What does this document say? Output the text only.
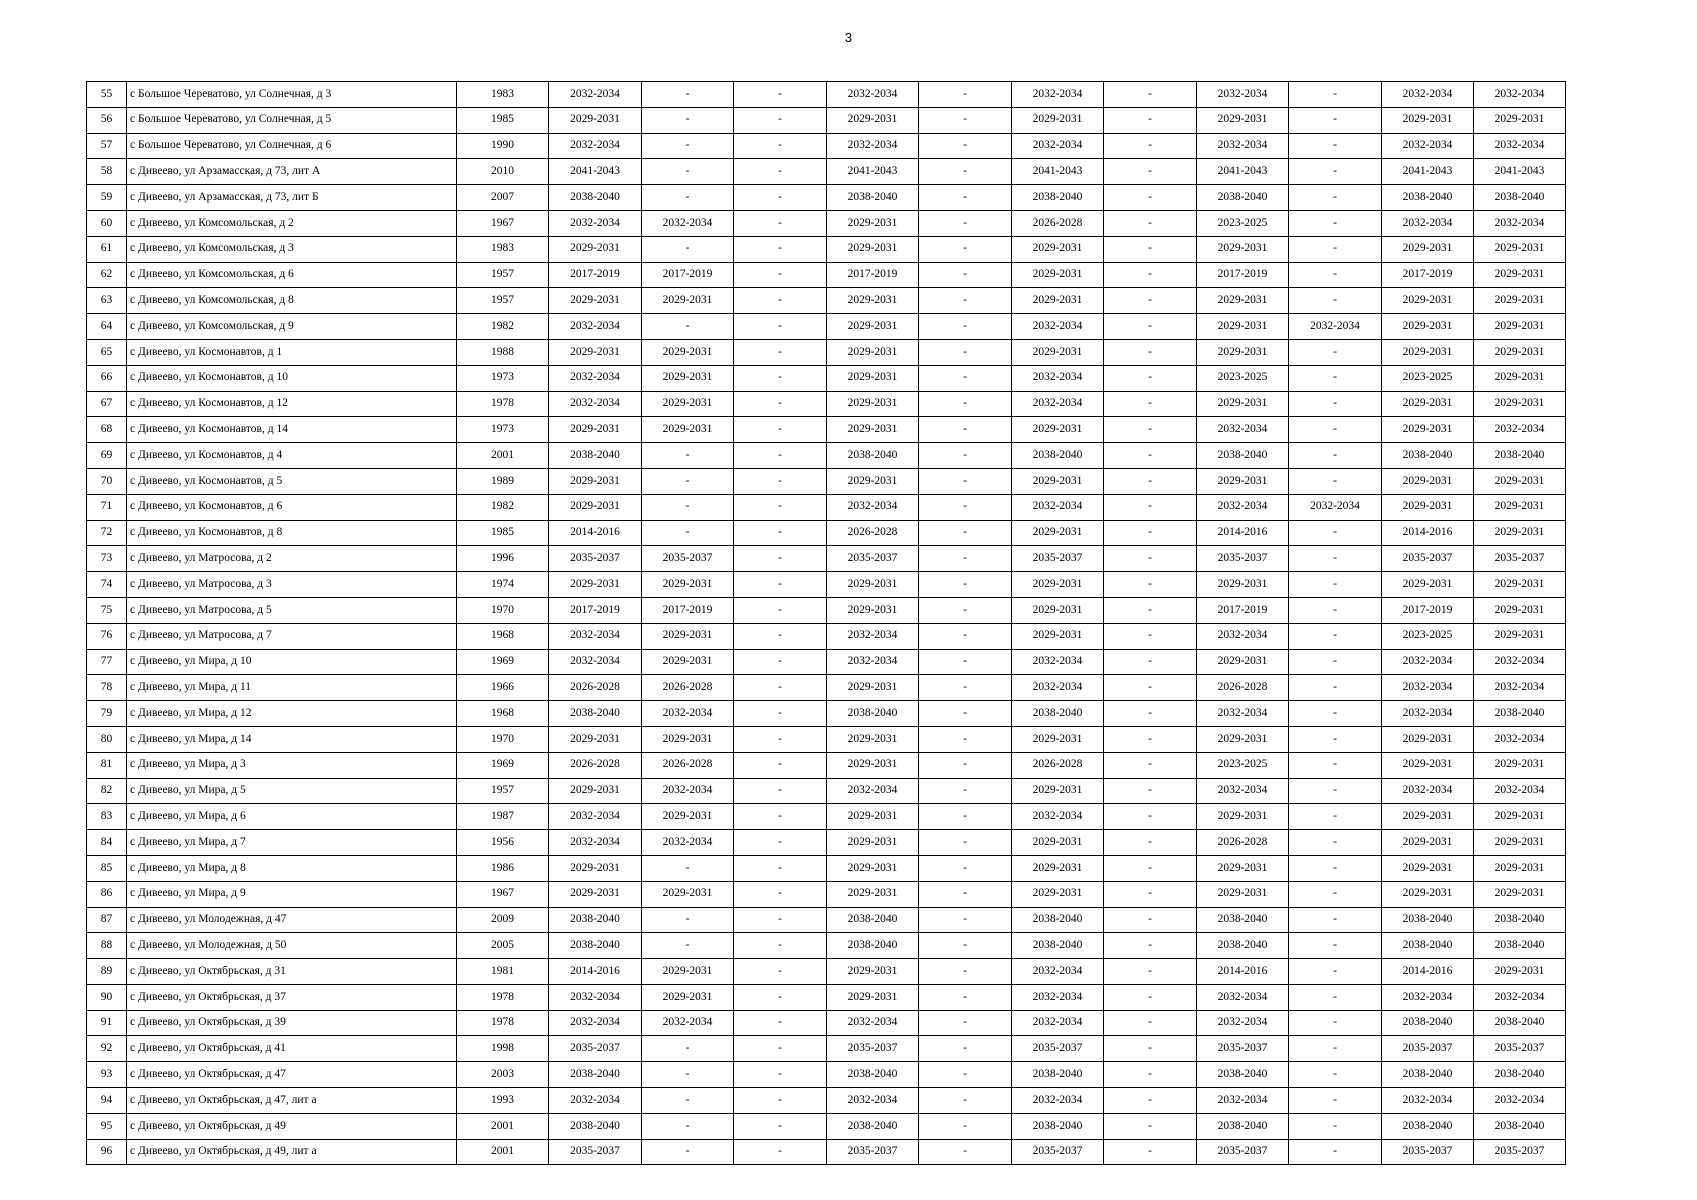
3
55	с Большое Череватово, ул Солнечная, д 3	1983	2032-2034	-	-	2032-2034	-	2032-2034	-	2032-2034	-	2032-2034	2032-2034
56	с Большое Череватово, ул Солнечная, д 5	1985	2029-2031	-	-	2029-2031	-	2029-2031	-	2029-2031	-	2029-2031	2029-2031
57	с Большое Череватово, ул Солнечная, д 6	1990	2032-2034	-	-	2032-2034	-	2032-2034	-	2032-2034	-	2032-2034	2032-2034
58	с Дивеево, ул Арзамасская, д 73, лит А	2010	2041-2043	-	-	2041-2043	-	2041-2043	-	2041-2043	-	2041-2043	2041-2043
59	с Дивеево, ул Арзамасская, д 73, лит Б	2007	2038-2040	-	-	2038-2040	-	2038-2040	-	2038-2040	-	2038-2040	2038-2040
60	с Дивеево, ул Комсомольская, д 2	1967	2032-2034	2032-2034	-	2029-2031	-	2026-2028	-	2023-2025	-	2032-2034	2032-2034
61	с Дивеево, ул Комсомольская, д 3	1983	2029-2031	-	-	2029-2031	-	2029-2031	-	2029-2031	-	2029-2031	2029-2031
62	с Дивеево, ул Комсомольская, д 6	1957	2017-2019	2017-2019	-	2017-2019	-	2029-2031	-	2017-2019	-	2017-2019	2029-2031
63	с Дивеево, ул Комсомольская, д 8	1957	2029-2031	2029-2031	-	2029-2031	-	2029-2031	-	2029-2031	-	2029-2031	2029-2031
64	с Дивеево, ул Комсомольская, д 9	1982	2032-2034	-	-	2029-2031	-	2032-2034	-	2029-2031	2032-2034	2029-2031	2029-2031
65	с Дивеево, ул Космонавтов, д 1	1988	2029-2031	2029-2031	-	2029-2031	-	2029-2031	-	2029-2031	-	2029-2031	2029-2031
66	с Дивеево, ул Космонавтов, д 10	1973	2032-2034	2029-2031	-	2029-2031	-	2032-2034	-	2023-2025	-	2023-2025	2029-2031
67	с Дивеево, ул Космонавтов, д 12	1978	2032-2034	2029-2031	-	2029-2031	-	2032-2034	-	2029-2031	-	2029-2031	2029-2031
68	с Дивеево, ул Космонавтов, д 14	1973	2029-2031	2029-2031	-	2029-2031	-	2029-2031	-	2032-2034	-	2029-2031	2032-2034
69	с Дивеево, ул Космонавтов, д 4	2001	2038-2040	-	-	2038-2040	-	2038-2040	-	2038-2040	-	2038-2040	2038-2040
70	с Дивеево, ул Космонавтов, д 5	1989	2029-2031	-	-	2029-2031	-	2029-2031	-	2029-2031	-	2029-2031	2029-2031
71	с Дивеево, ул Космонавтов, д 6	1982	2029-2031	-	-	2032-2034	-	2032-2034	-	2032-2034	2032-2034	2029-2031	2029-2031
72	с Дивеево, ул Космонавтов, д 8	1985	2014-2016	-	-	2026-2028	-	2029-2031	-	2014-2016	-	2014-2016	2029-2031
73	с Дивеево, ул Матросова, д 2	1996	2035-2037	2035-2037	-	2035-2037	-	2035-2037	-	2035-2037	-	2035-2037	2035-2037
74	с Дивеево, ул Матросова, д 3	1974	2029-2031	2029-2031	-	2029-2031	-	2029-2031	-	2029-2031	-	2029-2031	2029-2031
75	с Дивеево, ул Матросова, д 5	1970	2017-2019	2017-2019	-	2029-2031	-	2029-2031	-	2017-2019	-	2017-2019	2029-2031
76	с Дивеево, ул Матросова, д 7	1968	2032-2034	2029-2031	-	2032-2034	-	2029-2031	-	2032-2034	-	2023-2025	2029-2031
77	с Дивеево, ул Мира, д 10	1969	2032-2034	2029-2031	-	2032-2034	-	2032-2034	-	2029-2031	-	2032-2034	2032-2034
78	с Дивеево, ул Мира, д 11	1966	2026-2028	2026-2028	-	2029-2031	-	2032-2034	-	2026-2028	-	2032-2034	2032-2034
79	с Дивеево, ул Мира, д 12	1968	2038-2040	2032-2034	-	2038-2040	-	2038-2040	-	2032-2034	-	2032-2034	2038-2040
80	с Дивеево, ул Мира, д 14	1970	2029-2031	2029-2031	-	2029-2031	-	2029-2031	-	2029-2031	-	2029-2031	2032-2034
81	с Дивеево, ул Мира, д 3	1969	2026-2028	2026-2028	-	2029-2031	-	2026-2028	-	2023-2025	-	2029-2031	2029-2031
82	с Дивеево, ул Мира, д 5	1957	2029-2031	2032-2034	-	2032-2034	-	2029-2031	-	2032-2034	-	2032-2034	2032-2034
83	с Дивеево, ул Мира, д 6	1987	2032-2034	2029-2031	-	2029-2031	-	2032-2034	-	2029-2031	-	2029-2031	2029-2031
84	с Дивеево, ул Мира, д 7	1956	2032-2034	2032-2034	-	2029-2031	-	2029-2031	-	2026-2028	-	2029-2031	2029-2031
85	с Дивеево, ул Мира, д 8	1986	2029-2031	-	-	2029-2031	-	2029-2031	-	2029-2031	-	2029-2031	2029-2031
86	с Дивеево, ул Мира, д 9	1967	2029-2031	2029-2031	-	2029-2031	-	2029-2031	-	2029-2031	-	2029-2031	2029-2031
87	с Дивеево, ул Молодежная, д 47	2009	2038-2040	-	-	2038-2040	-	2038-2040	-	2038-2040	-	2038-2040	2038-2040
88	с Дивеево, ул Молодежная, д 50	2005	2038-2040	-	-	2038-2040	-	2038-2040	-	2038-2040	-	2038-2040	2038-2040
89	с Дивеево, ул Октябрьская, д 31	1981	2014-2016	2029-2031	-	2029-2031	-	2032-2034	-	2014-2016	-	2014-2016	2029-2031
90	с Дивеево, ул Октябрьская, д 37	1978	2032-2034	2029-2031	-	2029-2031	-	2032-2034	-	2032-2034	-	2032-2034	2032-2034
91	с Дивеево, ул Октябрьская, д 39	1978	2032-2034	2032-2034	-	2032-2034	-	2032-2034	-	2032-2034	-	2038-2040	2038-2040
92	с Дивеево, ул Октябрьская, д 41	1998	2035-2037	-	-	2035-2037	-	2035-2037	-	2035-2037	-	2035-2037	2035-2037
93	с Дивеево, ул Октябрьская, д 47	2003	2038-2040	-	-	2038-2040	-	2038-2040	-	2038-2040	-	2038-2040	2038-2040
94	с Дивеево, ул Октябрьская, д 47, лит а	1993	2032-2034	-	-	2032-2034	-	2032-2034	-	2032-2034	-	2032-2034	2032-2034
95	с Дивеево, ул Октябрьская, д 49	2001	2038-2040	-	-	2038-2040	-	2038-2040	-	2038-2040	-	2038-2040	2038-2040
96	с Дивеево, ул Октябрьская, д 49, лит а	2001	2035-2037	-	-	2035-2037	-	2035-2037	-	2035-2037	-	2035-2037	2035-2037
